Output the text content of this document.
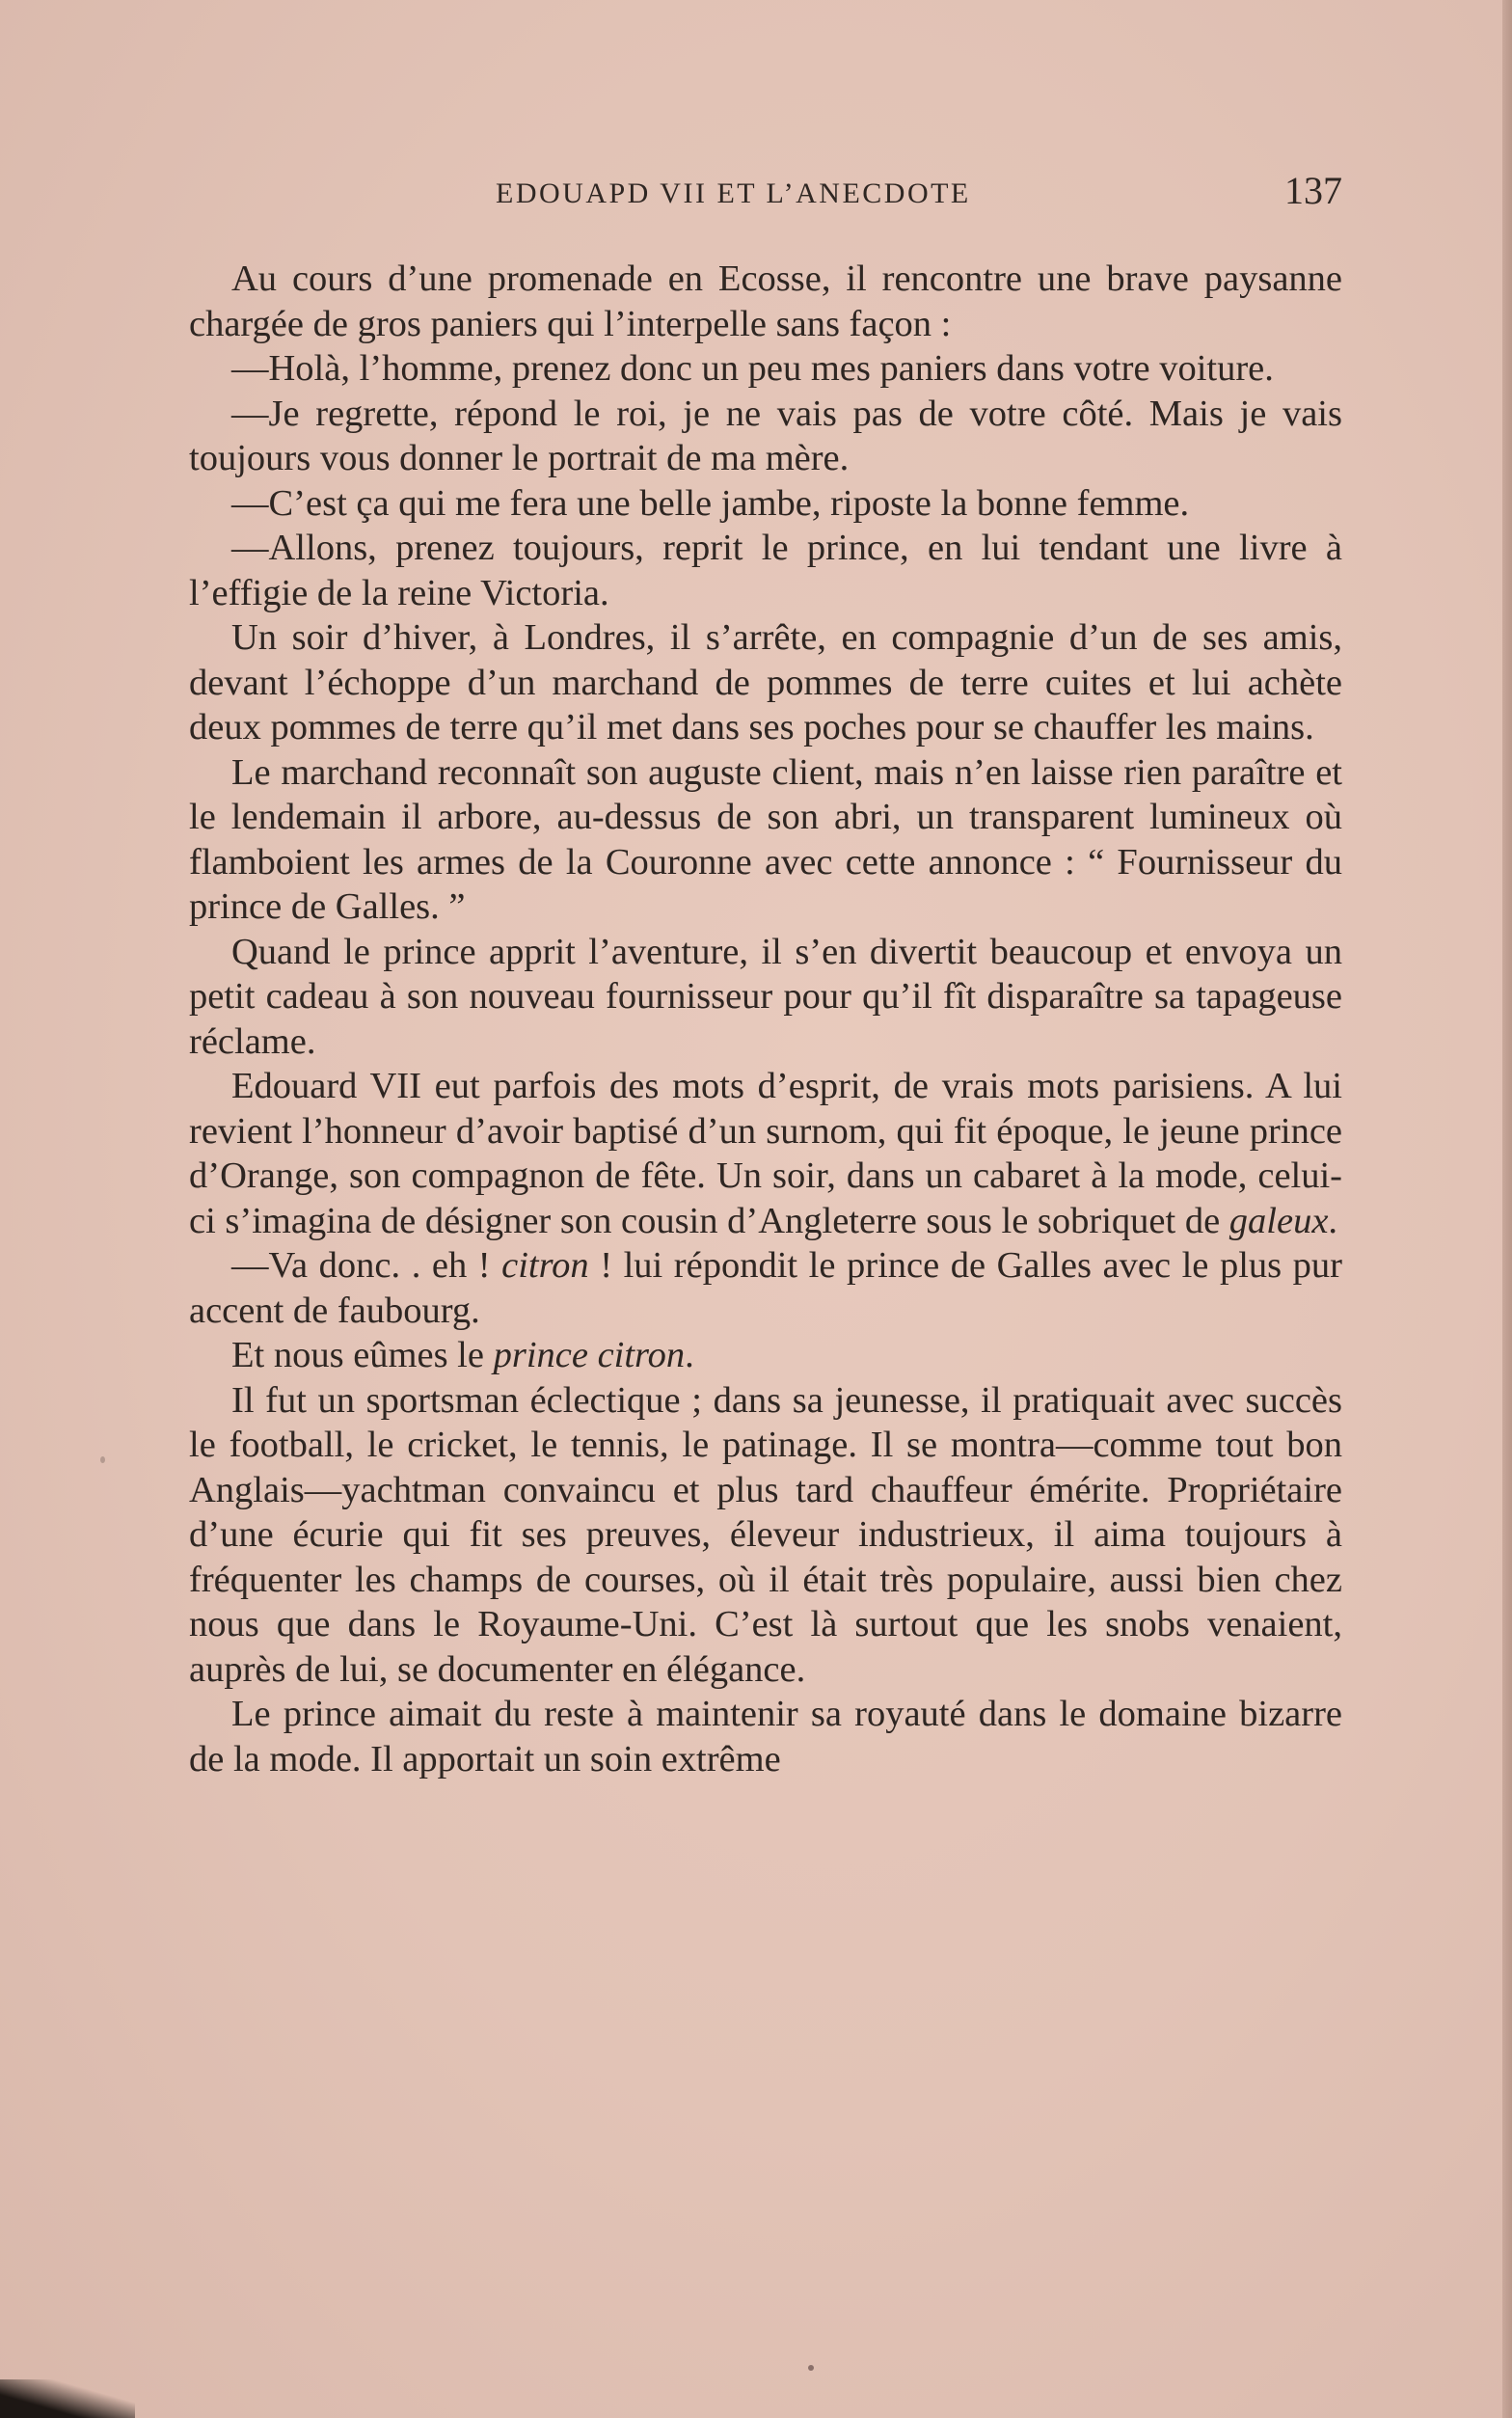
EDOUAPD VII ET L’ANECDOTE	137

Au cours d’une promenade en Ecosse, il rencontre une brave paysanne chargée de gros paniers qui l’interpelle sans façon :

—Holà, l’homme, prenez donc un peu mes paniers dans votre voiture.

—Je regrette, répond le roi, je ne vais pas de votre côté. Mais je vais toujours vous donner le portrait de ma mère.

—C’est ça qui me fera une belle jambe, riposte la bonne femme.

—Allons, prenez toujours, reprit le prince, en lui tendant une livre à l’effigie de la reine Victoria.

Un soir d’hiver, à Londres, il s’arrête, en compagnie d’un de ses amis, devant l’échoppe d’un marchand de pommes de terre cuites et lui achète deux pommes de terre qu’il met dans ses poches pour se chauffer les mains.

Le marchand reconnaît son auguste client, mais n’en laisse rien paraître et le lendemain il arbore, au-dessus de son abri, un transparent lumineux où flamboient les armes de la Couronne avec cette annonce : “ Fournisseur du prince de Galles. ”

Quand le prince apprit l’aventure, il s’en divertit beaucoup et envoya un petit cadeau à son nouveau fournisseur pour qu’il fît disparaître sa tapageuse réclame.

Edouard VII eut parfois des mots d’esprit, de vrais mots parisiens. A lui revient l’honneur d’avoir baptisé d’un surnom, qui fit époque, le jeune prince d’Orange, son compagnon de fête. Un soir, dans un cabaret à la mode, celui-ci s’imagina de désigner son cousin d’Angleterre sous le sobriquet de galeux.

—Va donc. . eh ! citron ! lui répondit le prince de Galles avec le plus pur accent de faubourg.

Et nous eûmes le prince citron.

Il fut un sportsman éclectique ; dans sa jeunesse, il pratiquait avec succès le football, le cricket, le tennis, le patinage. Il se montra—comme tout bon Anglais—yachtman convaincu et plus tard chauffeur émérite. Propriétaire d’une écurie qui fit ses preuves, éleveur industrieux, il aima toujours à fréquenter les champs de courses, où il était très populaire, aussi bien chez nous que dans le Royaume-Uni. C’est là surtout que les snobs venaient, auprès de lui, se documenter en élégance.

Le prince aimait du reste à maintenir sa royauté dans le domaine bizarre de la mode. Il apportait un soin extrême
